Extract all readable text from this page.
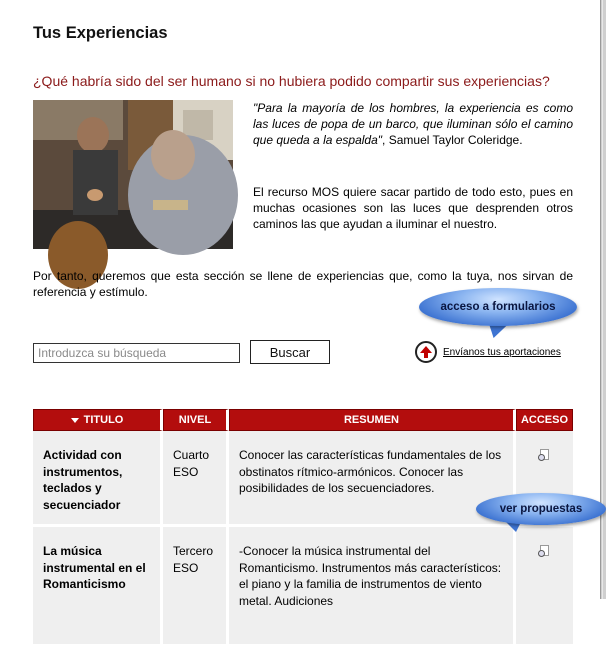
Tus Experiencias
¿Qué habría sido del ser humano si no hubiera podido compartir sus experiencias?
"Para la mayoría de los hombres, la experiencia es como las luces de popa de un barco, que iluminan sólo el camino que queda a la espalda", Samuel Taylor Coleridge.
El recurso MOS quiere sacar partido de todo esto, pues en muchas ocasiones son las luces que desprenden otros caminos las que ayudan a iluminar el nuestro.
Por tanto, queremos que esta sección se llene de experiencias que, como la tuya, nos sirvan de referencia y estímulo.
acceso a formularios
Introduzca su búsqueda
Buscar	Envíanos tus aportaciones
TITULO	NIVEL	RESUMEN	ACCESO
Actividad con instrumentos, teclados y secuenciador	Cuarto ESO	Conocer las características fundamentales de los obstinatos rítmico-armónicos. Conocer las posibilidades de los secuenciadores.	

La música instrumental en el Romanticismo	Tercero ESO	-Conocer la música instrumental del Romanticismo. Instrumentos más característicos: el piano y la familia de instrumentos de viento metal. Audiciones	
ver propuestas
